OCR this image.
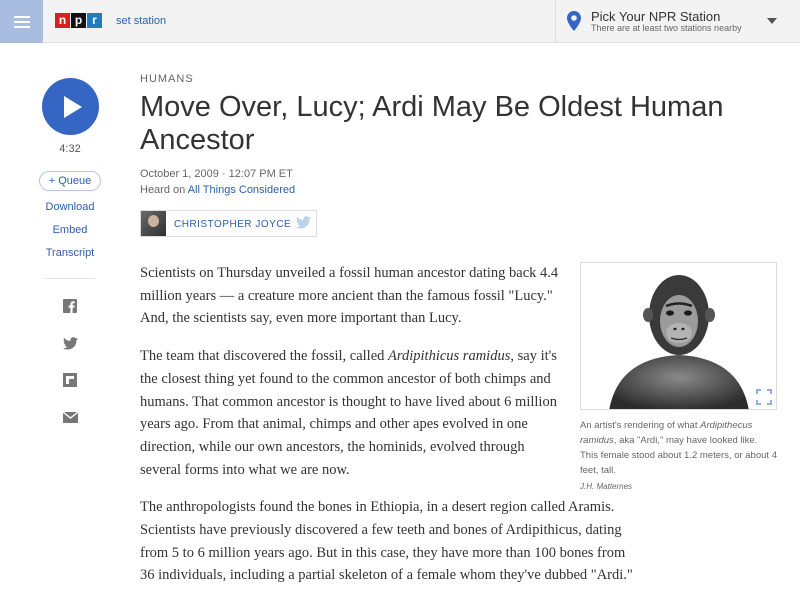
n p r	set station	Pick Your NPR Station
There are at least two stations nearby
4:32
+ Queue
Download
Embed
Transcript
HUMANS
Move Over, Lucy; Ardi May Be Oldest Human Ancestor
October 1, 2009 · 12:07 PM ET
Heard on All Things Considered
CHRISTOPHER JOYCE

Scientists on Thursday unveiled a fossil human ancestor dating back 4.4 million years — a creature more ancient than the famous fossil "Lucy." And, the scientists say, even more important than Lucy.

The team that discovered the fossil, called Ardipithicus ramidus, say it's the closest thing yet found to the common ancestor of both chimps and humans. That common ancestor is thought to have lived about 6 million years ago. From that animal, chimps and other apes evolved in one direction, while our own ancestors, the hominids, evolved through several forms into what we are now.

The anthropologists found the bones in Ethiopia, in a desert region called Aramis. Scientists have previously discovered a few teeth and bones of Ardipithicus, dating from 5 to 6 million years ago. But in this case, they have more than 100 bones from 36 individuals, including a partial skeleton of a female whom they've dubbed "Ardi."

An artist's rendering of what Ardipithecus ramidus, aka "Ardi," may have looked like. This female stood about 1.2 meters, or about 4 feet, tall.
J.H. Matternes
